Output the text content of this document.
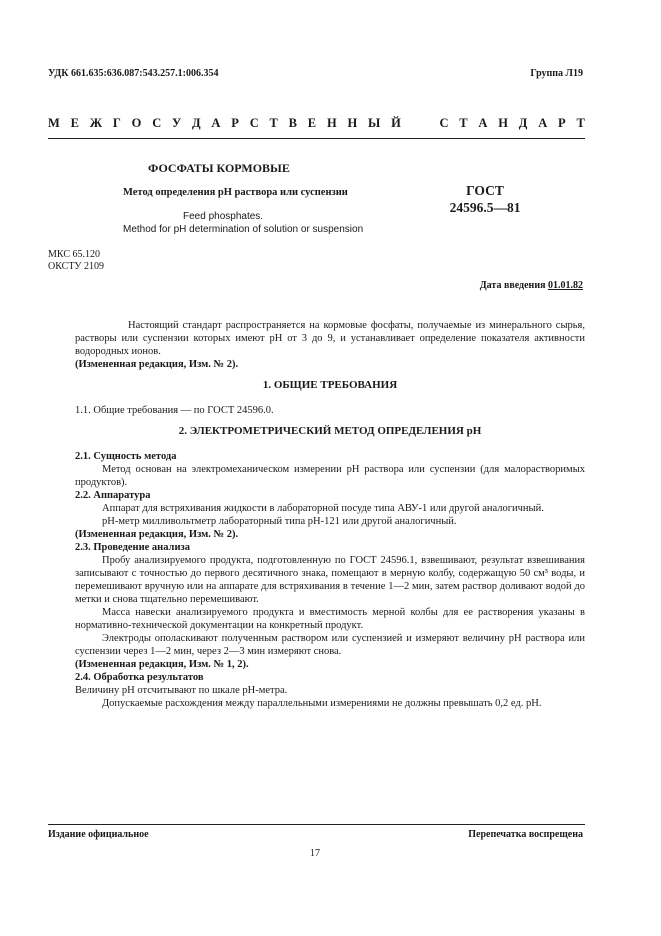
УДК 661.635:636.087:543.257.1:006.354	Группа Л19
М Е Ж Г О С У Д А Р С Т В Е Н Н Ы Й

	С Т А Н Д А Р Т
ФОСФАТЫ КОРМОВЫЕ
Метод определения pH раствора или суспензии	ГОСТ
24596.5—81
Feed phosphates.
Method for pH determination of solution or suspension
МКС 65.120
ОКСТУ 2109
Дата введения 01.01.82

Настоящий стандарт распространяется на кормовые фосфаты, получаемые из минерального сырья, растворы или суспензии которых имеют pH от 3 до 9, и устанавливает определение показателя активности водородных ионов.

(Измененная редакция, Изм. № 2).

1. ОБЩИЕ ТРЕБОВАНИЯ

1.1. Общие требования — по ГОСТ 24596.0.

2. ЭЛЕКТРОМЕТРИЧЕСКИЙ МЕТОД ОПРЕДЕЛЕНИЯ pH

2.1. Сущность метода

Метод основан на электромеханическом измерении pH раствора или суспензии (для малорастворимых продуктов).

2.2. Аппаратура

Аппарат для встряхивания жидкости в лабораторной посуде типа АВУ-1 или другой аналогичный.

pH-метр милливольтметр лабораторный типа pH-121 или другой аналогичный.

(Измененная редакция, Изм. № 2).

2.3. Проведение анализа

Пробу анализируемого продукта, подготовленную по ГОСТ 24596.1, взвешивают, результат взвешивания записывают с точностью до первого десятичного знака, помещают в мерную колбу, содержащую 50 см³ воды, и перемешивают вручную или на аппарате для встряхивания в течение 1—2 мин, затем раствор доливают водой до метки и снова тщательно перемешивают.

Масса навески анализируемого продукта и вместимость мерной колбы для ее растворения указаны в нормативно-технической документации на конкретный продукт.

Электроды ополаскивают полученным раствором или суспензией и измеряют величину pH раствора или суспензии через 1—2 мин, через 2—3 мин измеряют снова.

(Измененная редакция, Изм. № 1, 2).

2.4. Обработка результатов

Величину pH отсчитывают по шкале pH-метра.

Допускаемые расхождения между параллельными измерениями не должны превышать 0,2 ед. pH.

Издание официальное	Перепечатка воспрещена
17
